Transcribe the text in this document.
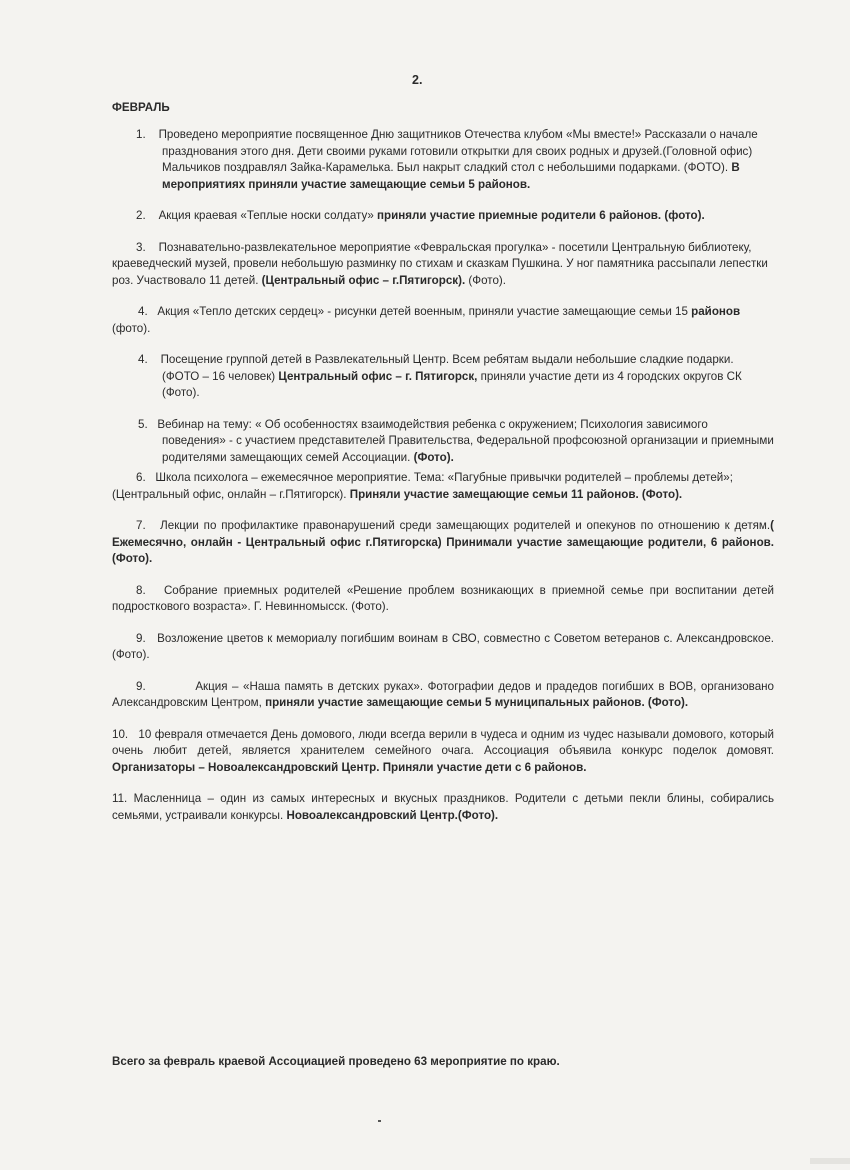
2.
ФЕВРАЛЬ

1. Проведено мероприятие посвященное Дню защитников Отечества клубом «Мы вместе!» Рассказали о начале празднования этого дня. Дети своими руками готовили открытки для своих родных и друзей.(Головной офис) Мальчиков поздравлял Зайка-Карамелька. Был накрыт сладкий стол с небольшими подарками. (ФОТО). В мероприятиях приняли участие замещающие семьи 5 районов.

2. Акция краевая «Теплые носки солдату» приняли участие приемные родители 6 районов. (фото).

3. Познавательно-развлекательное мероприятие «Февральская прогулка» - посетили Центральную библиотеку, краеведческий музей, провели небольшую разминку по стихам и сказкам Пушкина. У ног памятника рассыпали лепестки роз. Участвовало 11 детей. (Центральный офис – г.Пятигорск). (Фото).

4. Акция «Тепло детских сердец» - рисунки детей военным, приняли участие замещающие семьи 15 районов (фото).

4. Посещение группой детей в Развлекательный Центр. Всем ребятам выдали небольшие сладкие подарки. (ФОТО – 16 человек) Центральный офис – г. Пятигорск, приняли участие дети из 4 городских округов СК (Фото).

5. Вебинар на тему: « Об особенностях взаимодействия ребенка с окружением; Психология зависимого поведения» - с участием представителей Правительства, Федеральной профсоюзной организации и приемными родителями замещающих семей Ассоциации. (Фото).

6. Школа психолога – ежемесячное мероприятие. Тема: «Пагубные привычки родителей – проблемы детей»; (Центральный офис, онлайн – г.Пятигорск). Приняли участие замещающие семьи 11 районов. (Фото).

7. Лекции по профилактике правонарушений среди замещающих родителей и опекунов по отношению к детям.( Ежемесячно, онлайн - Центральный офис г.Пятигорска) Принимали участие замещающие родители, 6 районов. (Фото).

8. Собрание приемных родителей «Решение проблем возникающих в приемной семье при воспитании детей подросткового возраста». Г. Невинномысск. (Фото).

9. Возложение цветов к мемориалу погибшим воинам в СВО, совместно с Советом ветеранов с. Александровское. (Фото).

9.	Акция – «Наша память в детских руках». Фотографии дедов и прадедов погибших в ВОВ, организовано Александровским Центром, приняли участие замещающие семьи 5 муниципальных районов. (Фото).

10. 10 февраля отмечается День домового, люди всегда верили в чудеса и одним из чудес называли домового, который очень любит детей, является хранителем семейного очага. Ассоциация объявила конкурс поделок домовят. Организаторы – Новоалександровский Центр. Приняли участие дети с 6 районов.

11. Масленница – один из самых интересных и вкусных праздников. Родители с детьми пекли блины, собирались семьями, устраивали конкурсы. Новоалександровский Центр.(Фото).

Всего за февраль краевой Ассоциацией проведено 63 мероприятие по краю.
